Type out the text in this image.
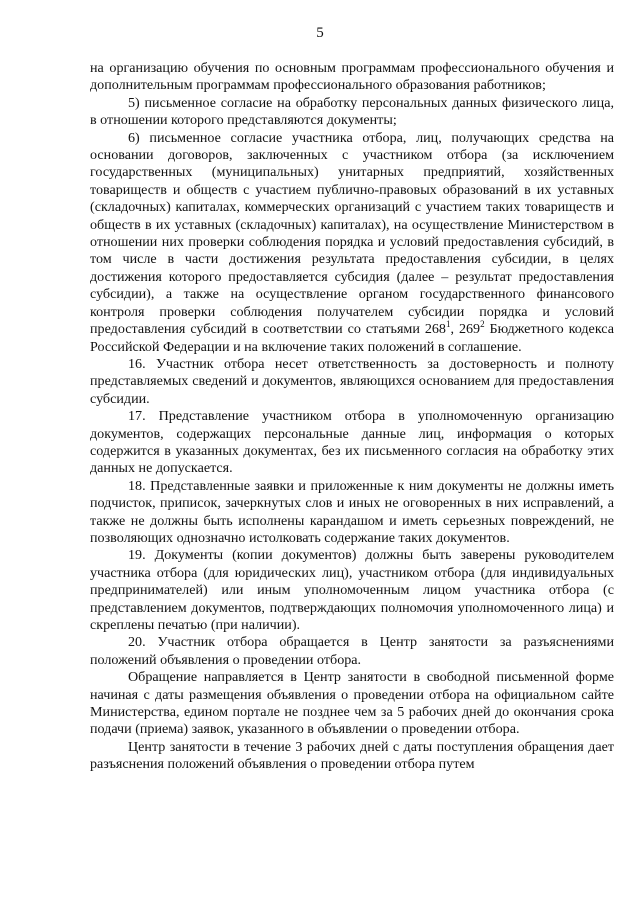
5

на организацию обучения по основным программам профессионального обучения и дополнительным программам профессионального образования работников;

5) письменное согласие на обработку персональных данных физического лица, в отношении которого представляются документы;

6) письменное согласие участника отбора, лиц, получающих средства на основании договоров, заключенных с участником отбора (за исключением государственных (муниципальных) унитарных предприятий, хозяйственных товариществ и обществ с участием публично-правовых образований в их уставных (складочных) капиталах, коммерческих организаций с участием таких товариществ и обществ в их уставных (складочных) капиталах), на осуществление Министерством в отношении них проверки соблюдения порядка и условий предоставления субсидий, в том числе в части достижения результата предоставления субсидии, в целях достижения которого предоставляется субсидия (далее – результат предоставления субсидии), а также на осуществление органом государственного финансового контроля проверки соблюдения получателем субсидии порядка и условий предоставления субсидий в соответствии со статьями $268^1$, $269^2$ Бюджетного кодекса Российской Федерации и на включение таких положений в соглашение.

16. Участник отбора несет ответственность за достоверность и полноту представляемых сведений и документов, являющихся основанием для предоставления субсидии.

17. Представление участником отбора в уполномоченную организацию документов, содержащих персональные данные лиц, информация о которых содержится в указанных документах, без их письменного согласия на обработку этих данных не допускается.

18. Представленные заявки и приложенные к ним документы не должны иметь подчисток, приписок, зачеркнутых слов и иных не оговоренных в них исправлений, а также не должны быть исполнены карандашом и иметь серьезных повреждений, не позволяющих однозначно истолковать содержание таких документов.

19. Документы (копии документов) должны быть заверены руководителем участника отбора (для юридических лиц), участником отбора (для индивидуальных предпринимателей) или иным уполномоченным лицом участника отбора (с представлением документов, подтверждающих полномочия уполномоченного лица) и скреплены печатью (при наличии).

20. Участник отбора обращается в Центр занятости за разъяснениями положений объявления о проведении отбора.

Обращение направляется в Центр занятости в свободной письменной форме начиная с даты размещения объявления о проведении отбора на официальном сайте Министерства, едином портале не позднее чем за 5 рабочих дней до окончания срока подачи (приема) заявок, указанного в объявлении о проведении отбора.

Центр занятости в течение 3 рабочих дней с даты поступления обращения дает разъяснения положений объявления о проведении отбора путем
